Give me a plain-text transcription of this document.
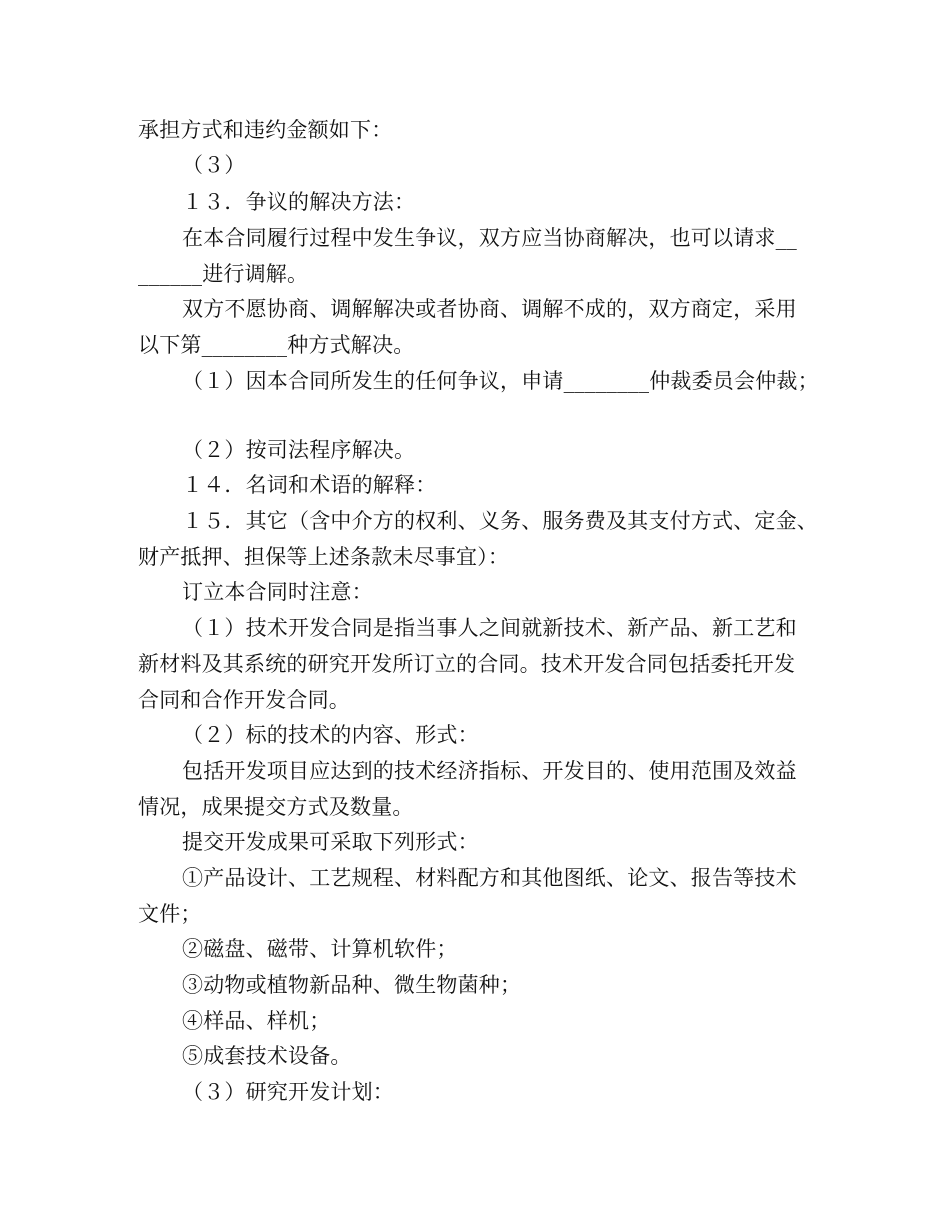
承担方式和违约金额如下：
（３）
１３．争议的解决方法：
在本合同履行过程中发生争议，双方应当协商解决，也可以请求__
______进行调解。
双方不愿协商、调解解决或者协商、调解不成的，双方商定，采用
以下第________种方式解决。
（１）因本合同所发生的任何争议，申请________仲裁委员会仲裁；
（２）按司法程序解决。
１４．名词和术语的解释：
１５．其它（含中介方的权利、义务、服务费及其支付方式、定金、
财产抵押、担保等上述条款未尽事宜）：
订立本合同时注意：
（１）技术开发合同是指当事人之间就新技术、新产品、新工艺和
新材料及其系统的研究开发所订立的合同。技术开发合同包括委托开发
合同和合作开发合同。
（２）标的技术的内容、形式：
包括开发项目应达到的技术经济指标、开发目的、使用范围及效益
情况，成果提交方式及数量。
提交开发成果可采取下列形式：
①产品设计、工艺规程、材料配方和其他图纸、论文、报告等技术
文件；
②磁盘、磁带、计算机软件；
③动物或植物新品种、微生物菌种；
④样品、样机；
⑤成套技术设备。
（３）研究开发计划：
